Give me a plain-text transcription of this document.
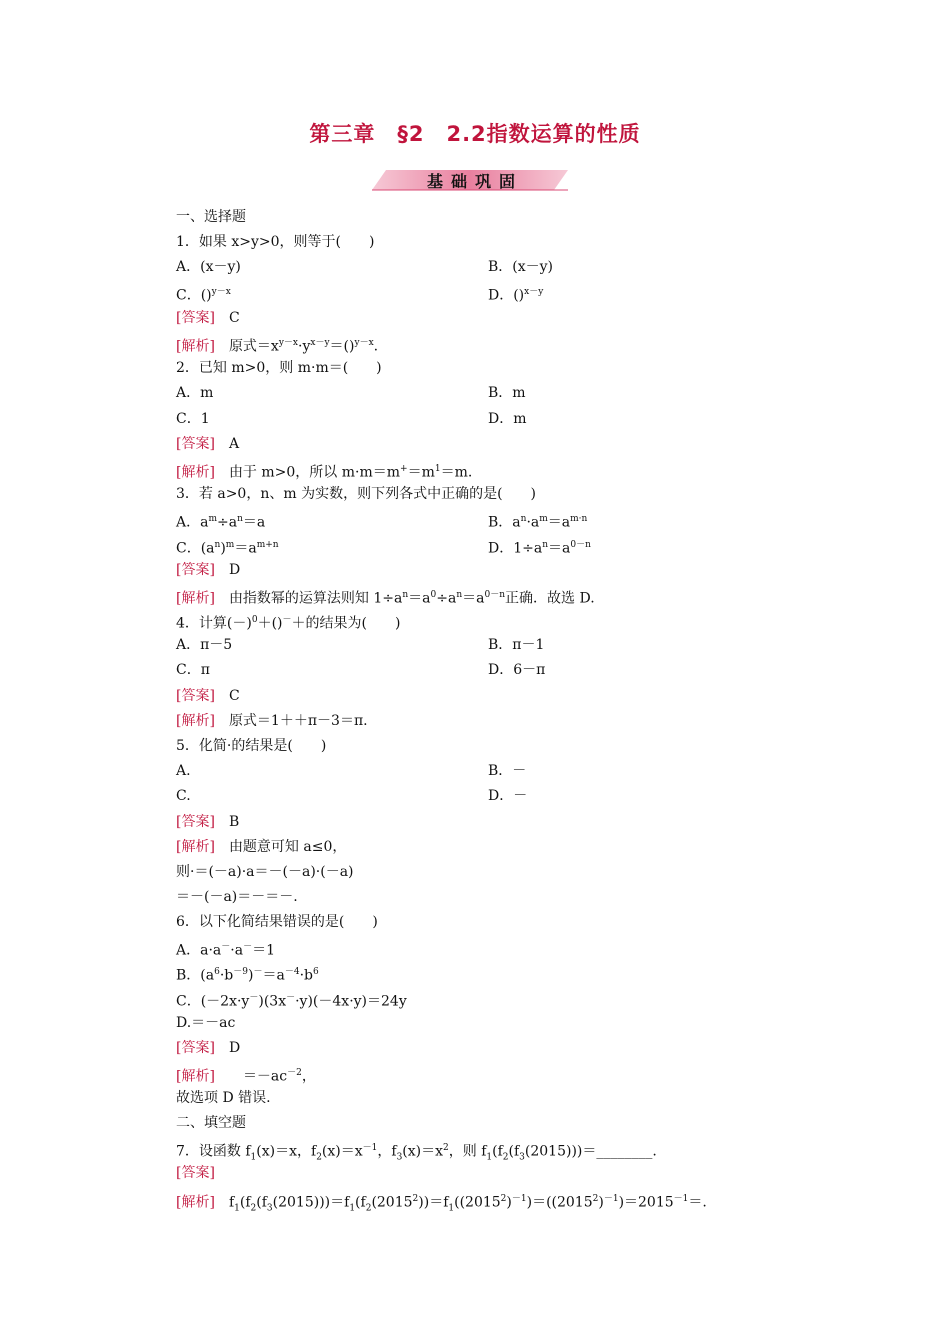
第三章　§2　2.2指数运算的性质
基础巩固
一、选择题
1．如果 x>y>0，则等于(　　)
A．(x－y)	B．(x－y)
C．()$^{y-x}$	D．()$^{x-y}$
[答案]　 C
[解析]　 原式$=x^{y-x}\cdot y^{x-y}=()^{y-x}$.
2．已知 m>0，则 m·m＝(　　)
A．m	B．m
C．1	D．m
[答案]　 A
[解析]　 由于 m>0，所以 $m\cdot m=m^+=m^1=m$.
3．若 a>0，n、m 为实数，则下列各式中正确的是(　　)
A．$a^m\div a^n=a$	B．$a^n\cdot a^m=a^{m\cdot n}$
C．$(a^n)^m=a^{m+n}$	D．$1\div a^n=a^{0-n}$
[答案]　 D
[解析]　 由指数幂的运算法则知 $1\div a^n=a^0\div a^n=a^{0-n}$正确．故选 D.
4．计算$(-)^0+()^-+$的结果为(　　)
A．π－5	B．π－1
C．π	D．6－π
[答案]　 C
[解析]　 原式＝1＋＋π－3＝π.
5．化简·的结果是(　　)
A.	B．－
C.	D．－
[答案]　 B
[解析]　 由题意可知 a≤0，
则·＝(－a)·a＝－(－a)·(－a)
＝－(－a)＝－＝－.
6．以下化简结果错误的是(　　)
A．a·a－·a－＝1
B．$(a^6\cdot b^{-9})^-=a^{-4}\cdot b^6$
C．(－2x·y－)(3x－·y)(－4x·y)＝24y
D.＝－ac
[答案]　 D
[解析]　　 $=-ac^{-2}$，
故选项 D 错误.
二、填空题
7．设函数 $f_1(x)=x$，$f_2(x)=x^{-1}$，$f_3(x)=x^2$，则 $f_1(f_2(f_3(2015)))=\_\_\_\_\_\_\_\_$.
[答案]
[解析]　 $f_1(f_2(f_3(2015)))=f_1(f_2(2015^2))=f_1((2015^2)^{-1})=((2015^2)^{-1})=2015^{-1}=$.
